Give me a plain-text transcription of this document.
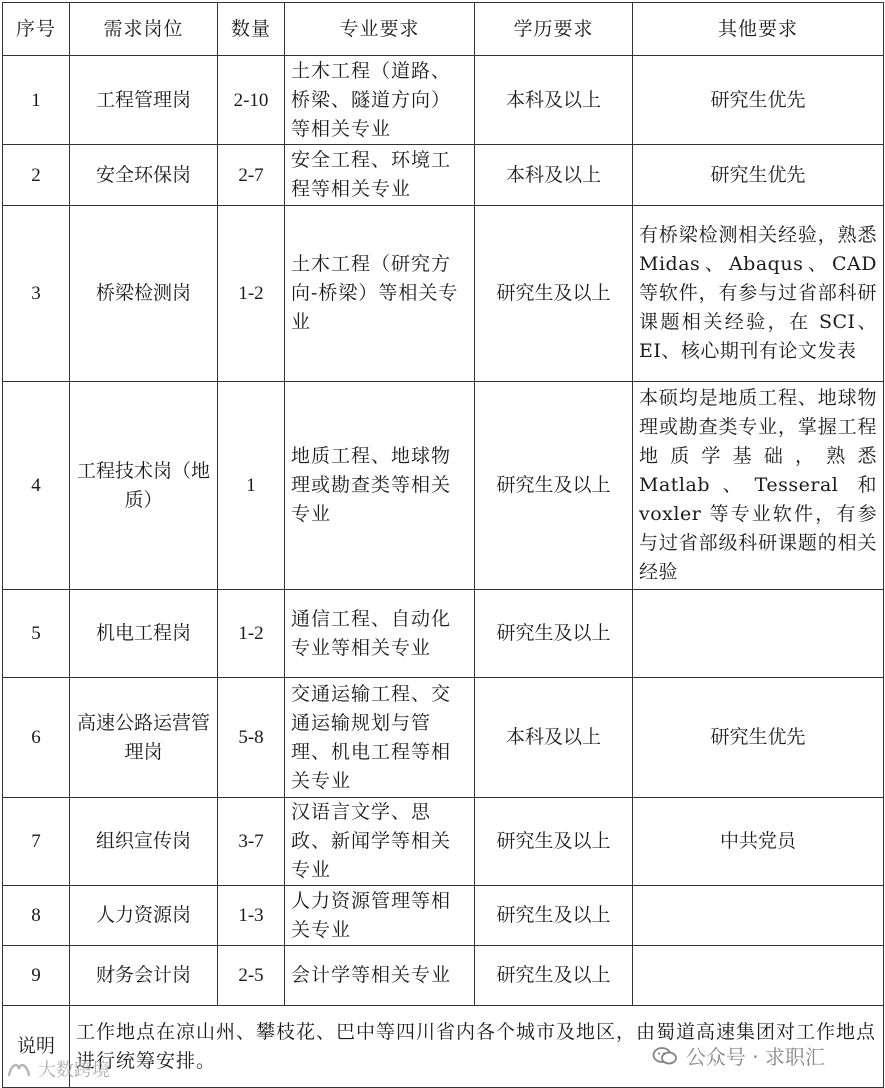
序号	需求岗位	数量	专业要求	学历要求	其他要求
1	工程管理岗	2-10	土木工程（道路、桥梁、隧道方向）等相关专业	本科及以上	研究生优先
2	安全环保岗	2-7	安全工程、环境工程等相关专业	本科及以上	研究生优先
3	桥梁检测岗	1-2	土木工程（研究方向-桥梁）等相关专业	研究生及以上	有桥梁检测相关经验，熟悉 Midas、Abaqus、CAD 等软件，有参与过省部科研课题相关经验，在 SCI、EI、核心期刊有论文发表
4	工程技术岗（地质）	1	地质工程、地球物理或勘查类等相关专业	研究生及以上	本硕均是地质工程、地球物理或勘查类专业，掌握工程地质学基础，熟悉 Matlab、Tesseral 和 voxler 等专业软件，有参与过省部级科研课题的相关经验
5	机电工程岗	1-2	通信工程、自动化专业等相关专业	研究生及以上	
6	高速公路运营管理岗	5-8	交通运输工程、交通运输规划与管理、机电工程等相关专业	本科及以上	研究生优先
7	组织宣传岗	3-7	汉语言文学、思政、新闻学等相关专业	研究生及以上	中共党员
8	人力资源岗	1-3	人力资源管理等相关专业	研究生及以上	
9	财务会计岗	2-5	会计学等相关专业	研究生及以上	
说明	工作地点在凉山州、攀枝花、巴中等四川省内各个城市及地区，由蜀道高速集团对工作地点进行统筹安排。				
大数跨境
公众号 · 求职汇
